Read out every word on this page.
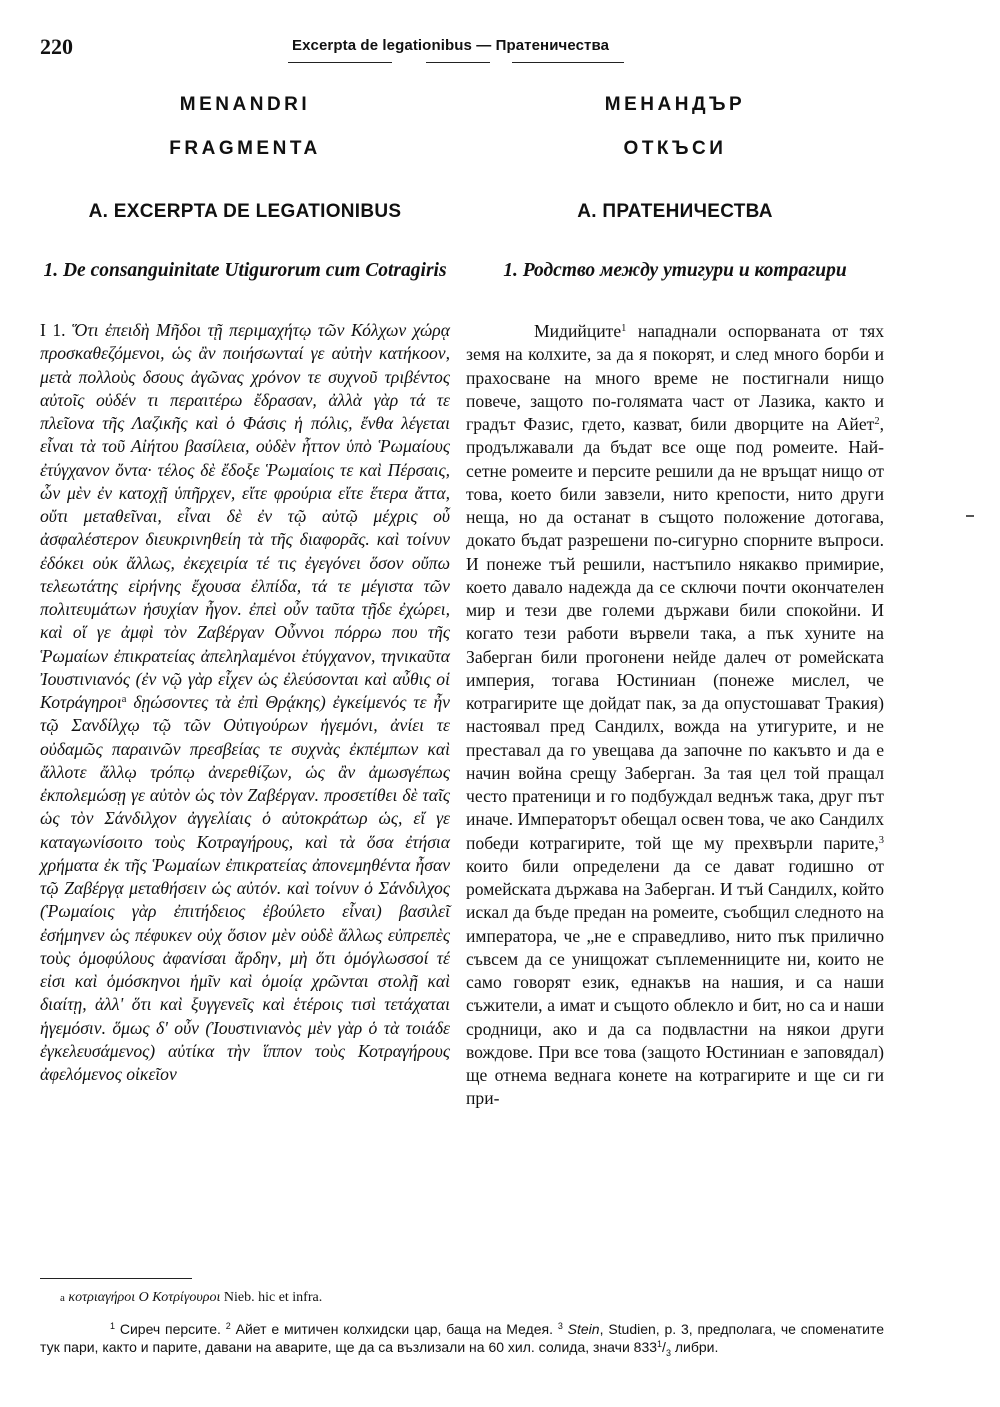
220	Excerpta de legationibus — Пратеничества

MENANDRI
FRAGMENTA
A. EXCERPTA DE LEGATIONIBUS
1. De consanguinitate Utigurorum cum Cotragiris

I 1. Ὅτι ἐπειδὴ Μῆδοι τῇ περιμαχήτῳ τῶν Κόλχων χώρᾳ προσκαθεζόμενοι, ὡς ἂν ποιήσωνταί γε αὐτὴν κατήκοον, μετὰ πολλοὺς δσους ἀγῶνας χρόνον τε συχνοῦ τριβέντος αὐτοῖς οὐδέν τι περαιτέρω ἔδρασαν, ἀλλὰ γὰρ τά τε πλεῖονα τῆς Λαζικῆς καὶ ὁ Φάσις ἡ πόλις, ἔνθα λέγεται εἶναι τὰ τοῦ Αἰήτου βασίλεια, οὐδὲν ἧττον ὑπὸ Ῥωμαίους ἐτύγχανον ὄντα· τέλος δὲ ἔδοξε Ῥωμαίοις τε καὶ Πέρσαις, ὧν μὲν ἐν κατοχῇ ὑπῆρχεν, εἴτε φρούρια εἴτε ἕτερα ἄττα, οὔτι μεταθεῖναι, εἶναι δὲ ἐν τῷ αὐτῷ μέχρις οὗ ἀσφαλέστερον διευκρινηθείη τὰ τῆς διαφορᾶς. καὶ τοίνυν ἐδόκει οὐκ ἄλλως, ἐκεχειρία τέ τις ἐγεγόνει ὅσον οὔπω τελεωτάτης εἰρήνης ἔχουσα ἐλπίδα, τά τε μέγιστα τῶν πολιτευμάτων ἡσυχίαν ἦγον. ἐπεὶ οὖν ταῦτα τῇδε ἐχώρει, καὶ οἵ γε ἀμφὶ τὸν Ζαβέργαν Οὖννοι πόρρω που τῆς Ῥωμαίων ἐπικρατείας ἀπεληλαμένοι ἐτύγχανον, τηνικαῦτα Ἰουστινιανός (ἐν νῷ γὰρ εἶχεν ὡς ἐλεύσονται καὶ αὖθις οἱ Κοτράγηροι$^a$ δῃώσοντες τὰ ἐπὶ Θρᾴκης) ἐγκείμενός τε ἦν τῷ Σανδίλχῳ τῷ τῶν Οὐτιγούρων ἡγεμόνι, ἀνίει τε οὐδαμῶς παραινῶν πρεσβείας τε συχνὰς ἐκπέμπων καὶ ἄλλοτε ἄλλῳ τρόπῳ ἀνερεθίζων, ὡς ἂν ἀμωσγέπως ἐκπολεμώσῃ γε αὐτὸν ὡς τὸν Ζαβέργαν. προσετίθει δὲ ταῖς ὡς τὸν Σάνδιλχον ἀγγελίαις ὁ αὐτοκράτωρ ὡς, εἴ γε καταγωνίσοιτο τοὺς Κοτραγήρους, καὶ τὰ ὅσα ἐτήσια χρήματα ἐκ τῆς Ῥωμαίων ἐπικρατείας ἀπονεμηθέντα ἦσαν τῷ Ζαβέργᾳ μεταθήσειν ὡς αὐτόν. καὶ τοίνυν ὁ Σάνδιλχος (Ῥωμαίοις γὰρ ἐπιτήδειος ἐβούλετο εἶναι) βασιλεῖ ἐσήμηνεν ὡς πέφυκεν οὐχ ὅσιον μὲν οὐδὲ ἄλλως εὐπρεπὲς τοὺς ὁμοφύλους ἀφανίσαι ἄρδην, μὴ ὅτι ὁμόγλωσσοί τέ εἰσι καὶ ὁμόσκηνοι ἡμῖν καὶ ὁμοίᾳ χρῶνται στολῇ καὶ διαίτῃ, ἀλλ' ὅτι καὶ ξυγγενεῖς καὶ ἑτέροις τισὶ τετάχαται ἡγεμόσιν. ὅμως δ' οὖν (Ἰουστινιανὸς μὲν γὰρ ὁ τὰ τοιάδε ἐγκελευσάμενος) αὐτίκα τὴν ἵππον τοὺς Κοτραγήρους ἀφελόμενος οἰκεῖον

МЕНАНДЪР
ОТКЪСИ
А. ПРАТЕНИЧЕСТВА
1. Родство между утигури и котрагири

Мидийците$^1$ нападнали оспорваната от тях земя на колхите, за да я покорят, и след много борби и прахосване на много време не постигнали нищо повече, защото по-голямата част от Лазика, както и градът Фазис, гдето, казват, били дворците на Айет$^2$, продължавали да бъдат все още под ромеите. Най-сетне ромеите и персите решили да не връщат нищо от това, което били завзели, нито крепости, нито други неща, но да останат в същото положение дотогава, докато бъдат разрешени по-сигурно спорните въпроси. И понеже тъй решили, настъпило някакво примирие, което давало надежда да се сключи почти окончателен мир и тези две големи държави били спокойни. И когато тези работи вървели така, а пък хуните на Заберган били прогонени нейде далеч от ромейската империя, тогава Юстиниан (понеже мислел, че котрагирите ще дойдат пак, за да опустошават Тракия) настоявал пред Сандилх, вожда на утигурите, и не преставал да го увещава да започне по какъвто и да е начин война срещу Заберган. За тая цел той пращал често пратеници и го подбуждал веднъж така, друг път иначе. Императорът обещал освен това, че ако Сандилх победи котрагирите, той ще му прехвърли парите,$^3$ които били определени да се дават годишно от ромейската държава на Заберган. И тъй Сандилх, който искал да бъде предан на ромеите, съобщил следното на императора, че „не е справедливо, нито пък прилично съвсем да се унищожат съплеменниците ни, които не само говорят език, еднакъв на нашия, и са наши съжители, а имат и същото облекло и бит, но са и наши сродници, ако и да са подвластни на някои други вождове. При все това (защото Юстиниан е заповядал) ще отнема веднага конете на котрагирите и ще си ги при-

a κοτριαγήροι O Κοτρίγουροι Nieb. hic et infra.

$^1$ Сиреч персите. $^2$ Айет е митичен колхидски цар, баща на Медея. $^3$ Stein, Studien, p. 3, предполага, че споменатите тук пари, както и парите, давани на аварите, ще да са възлизали на 60 хил. солида, значи $833^1/_3$ либри.
